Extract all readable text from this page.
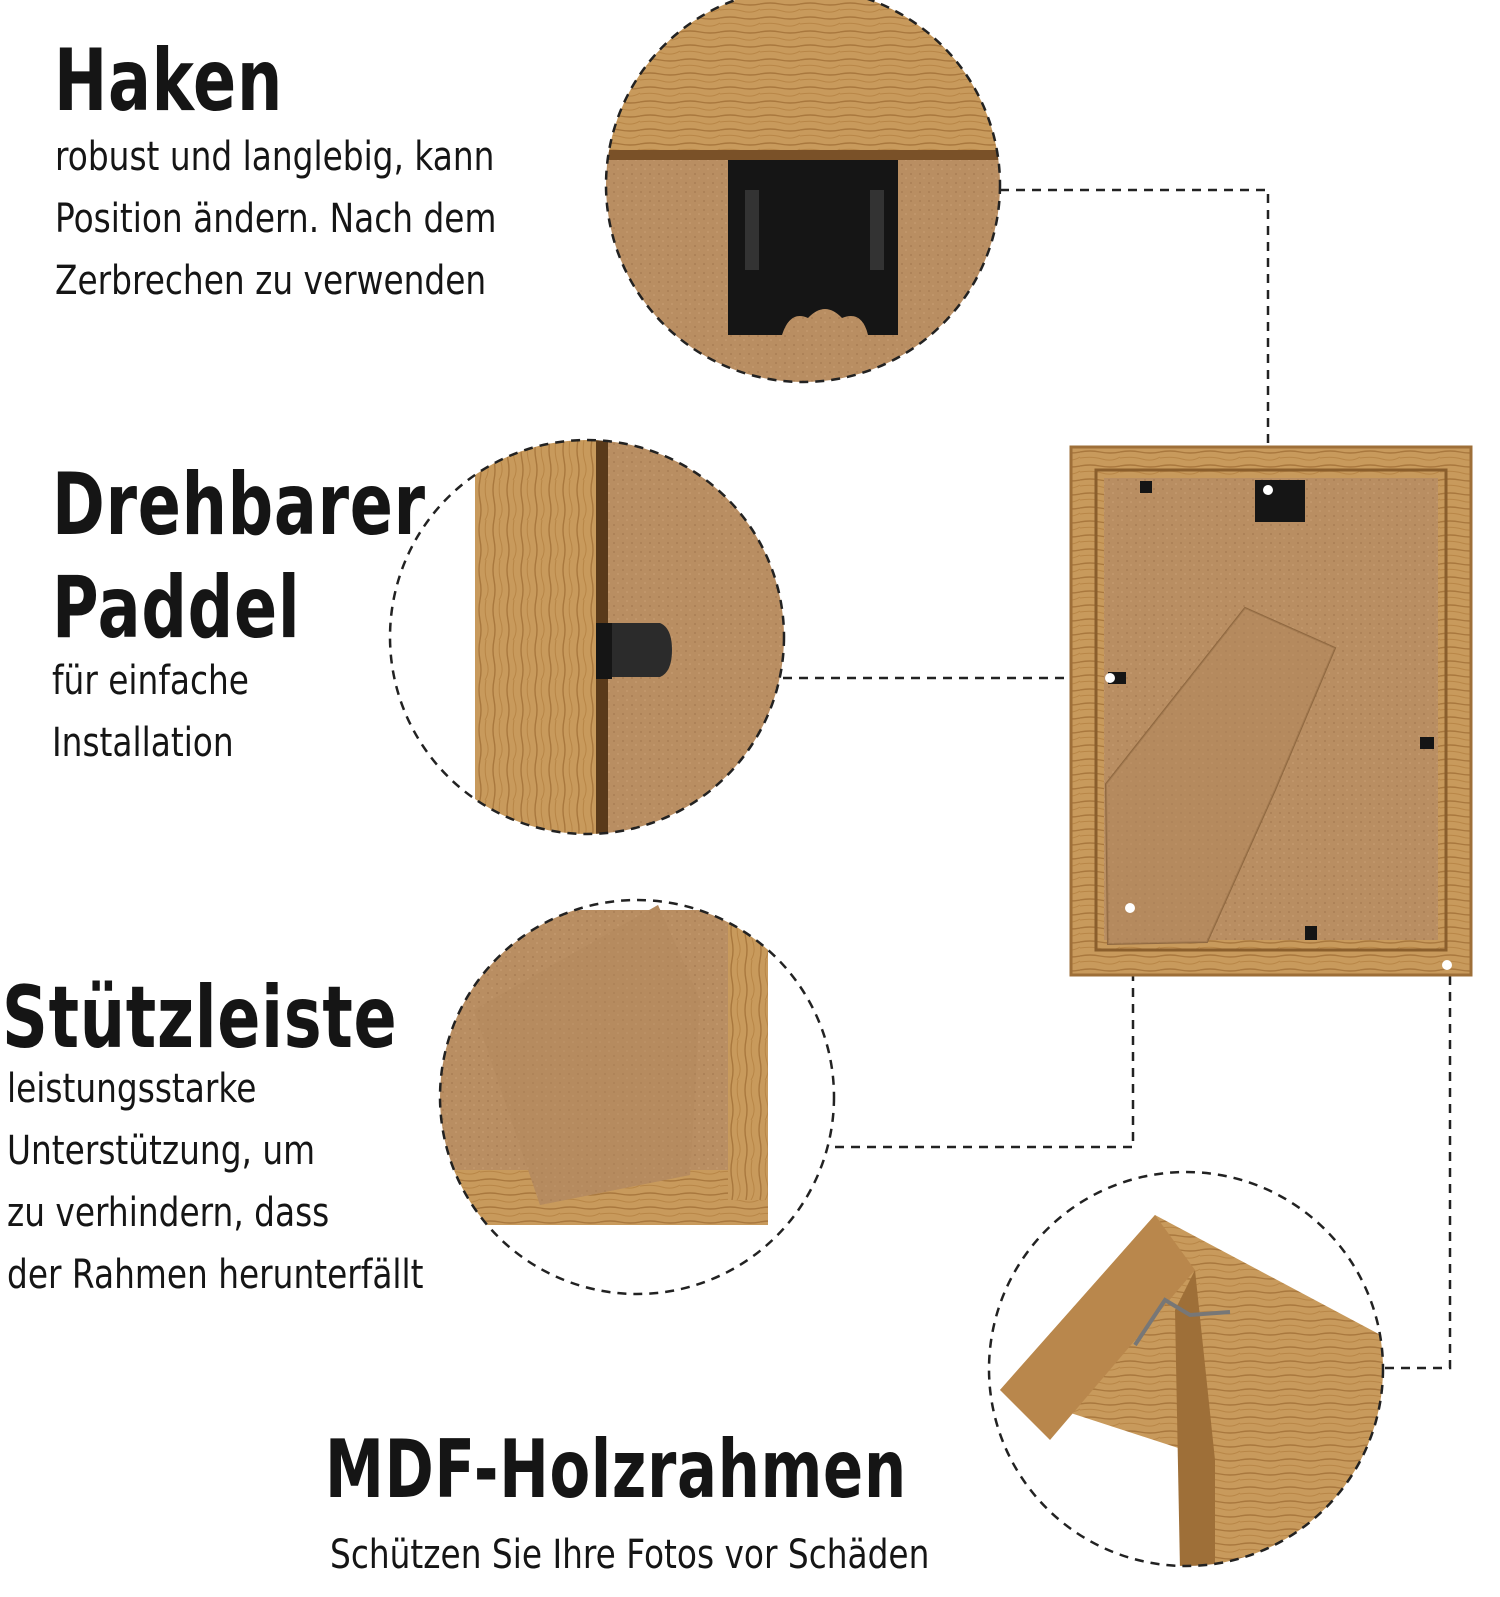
Haken
robust und langlebig, kann
Position ändern. Nach dem
Zerbrechen zu verwenden
Drehbarer
Paddel
für einfache
Installation
Stützleiste
leistungsstarke
Unterstützung, um
zu verhindern, dass
der Rahmen herunterfällt
MDF-Holzrahmen
Schützen Sie Ihre Fotos vor Schäden
